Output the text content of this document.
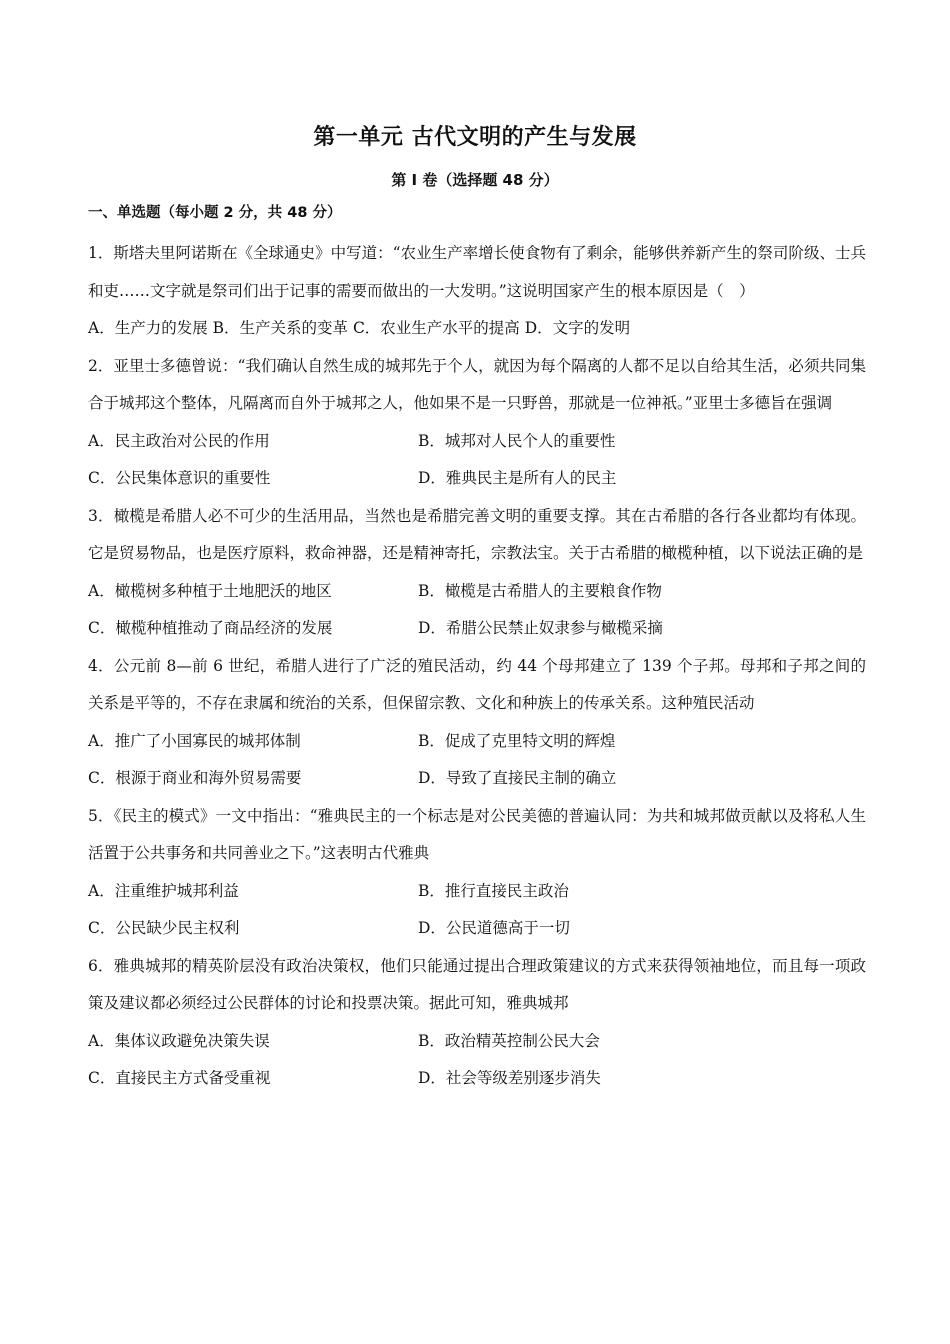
第一单元 古代文明的产生与发展
第 I 卷（选择题 48 分）
一、单选题（每小题 2 分，共 48 分）
1．斯塔夫里阿诺斯在《全球通史》中写道：“农业生产率增长使食物有了剩余，能够供养新产生的祭司阶级、士兵和吏……文字就是祭司们出于记事的需要而做出的一大发明。”这说明国家产生的根本原因是（　）
A．生产力的发展 B．生产关系的变革 C．农业生产水平的提高 D．文字的发明
2．亚里士多德曾说：“我们确认自然生成的城邦先于个人，就因为每个隔离的人都不足以自给其生活，必须共同集合于城邦这个整体，凡隔离而自外于城邦之人，他如果不是一只野兽，那就是一位神祇。”亚里士多德旨在强调
A．民主政治对公民的作用	B．城邦对人民个人的重要性
C．公民集体意识的重要性	D．雅典民主是所有人的民主
3．橄榄是希腊人必不可少的生活用品，当然也是希腊完善文明的重要支撑。其在古希腊的各行各业都均有体现。它是贸易物品，也是医疗原料，救命神器，还是精神寄托，宗教法宝。关于古希腊的橄榄种植，以下说法正确的是
A．橄榄树多种植于土地肥沃的地区	B．橄榄是古希腊人的主要粮食作物
C．橄榄种植推动了商品经济的发展	D．希腊公民禁止奴隶参与橄榄采摘
4．公元前 8—前 6 世纪，希腊人进行了广泛的殖民活动，约 44 个母邦建立了 139 个子邦。母邦和子邦之间的关系是平等的，不存在隶属和统治的关系，但保留宗教、文化和种族上的传承关系。这种殖民活动
A．推广了小国寡民的城邦体制	B．促成了克里特文明的辉煌
C．根源于商业和海外贸易需要	D．导致了直接民主制的确立
5．《民主的模式》一文中指出：“雅典民主的一个标志是对公民美德的普遍认同：为共和城邦做贡献以及将私人生活置于公共事务和共同善业之下。”这表明古代雅典
A．注重维护城邦利益	B．推行直接民主政治
C．公民缺少民主权利	D．公民道德高于一切
6．雅典城邦的精英阶层没有政治决策权，他们只能通过提出合理政策建议的方式来获得领袖地位，而且每一项政策及建议都必须经过公民群体的讨论和投票决策。据此可知，雅典城邦
A．集体议政避免决策失误	B．政治精英控制公民大会
C．直接民主方式备受重视	D．社会等级差别逐步消失
